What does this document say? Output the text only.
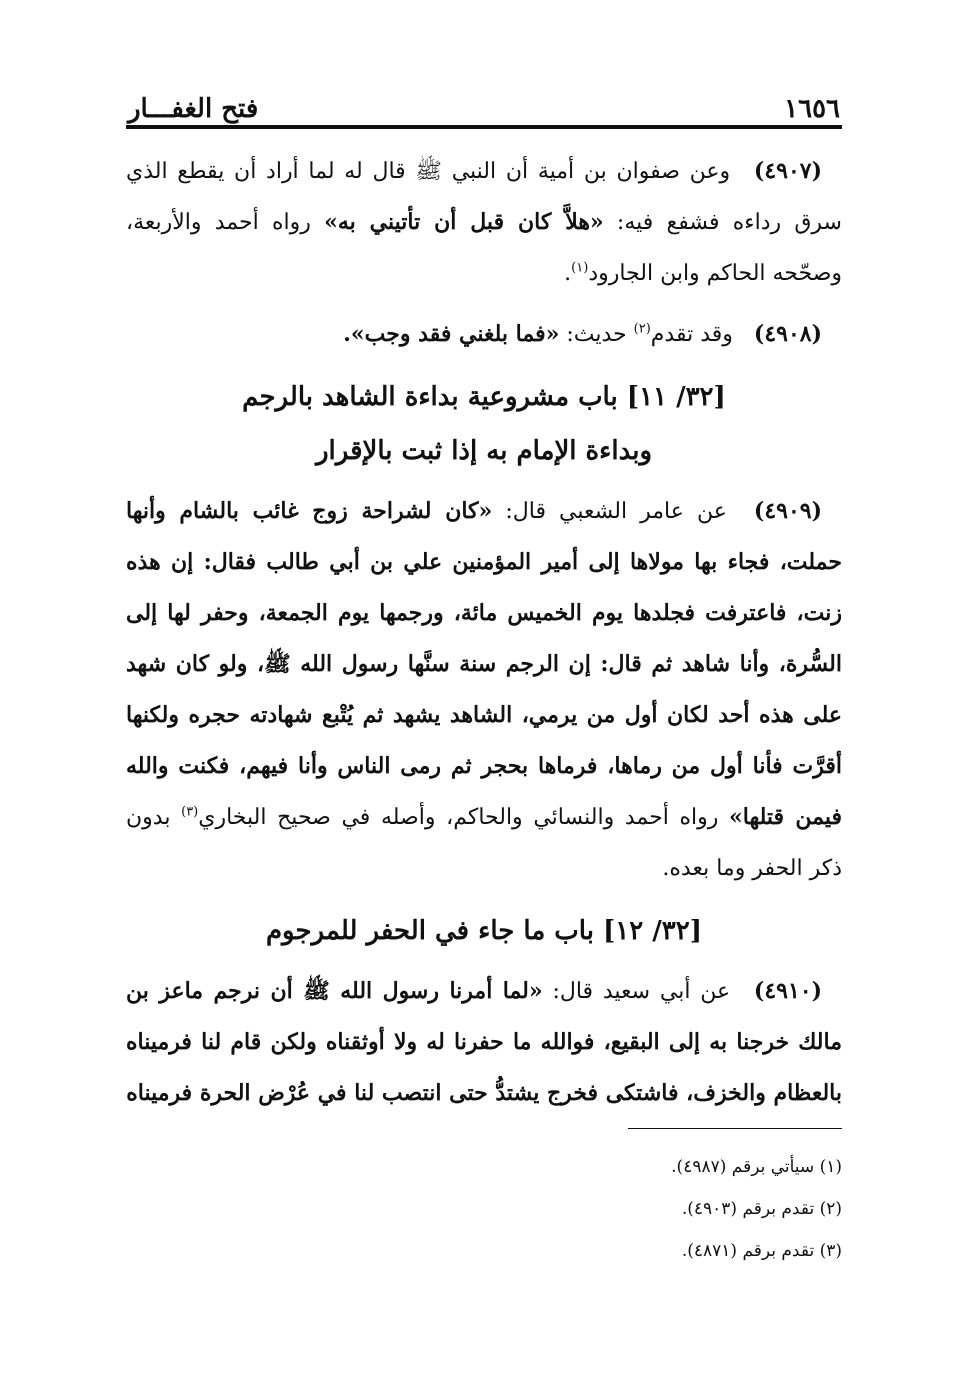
١٦٥٦
فتح الغفـــار

(٤٩٠٧) وعن صفوان بن أمية أن النبي ﷺ قال له لما أراد أن يقطع الذي سرق رداءه فشفع فيه: «هلاَّ كان قبل أن تأتيني به» رواه أحمد والأربعة، وصحّحه الحاكم وابن الجارود$^{(١)}$.

(٤٩٠٨) وقد تقدم$^{(٢)}$ حديث: «فما بلغني فقد وجب».

[٣٢/ ١١] باب مشروعية بداءة الشاهد بالرجم
وبداءة الإمام به إذا ثبت بالإقرار

(٤٩٠٩) عن عامر الشعبي قال: «كان لشراحة زوج غائب بالشام وأنها حملت، فجاء بها مولاها إلى أمير المؤمنين علي بن أبي طالب فقال: إن هذه زنت، فاعترفت فجلدها يوم الخميس مائة، ورجمها يوم الجمعة، وحفر لها إلى السُّرة، وأنا شاهد ثم قال: إن الرجم سنة سنَّها رسول الله ﷺ، ولو كان شهد على هذه أحد لكان أول من يرمي، الشاهد يشهد ثم يُتْبع شهادته حجره ولكنها أقرَّت فأنا أول من رماها، فرماها بحجر ثم رمى الناس وأنا فيهم، فكنت والله فيمن قتلها» رواه أحمد والنسائي والحاكم، وأصله في صحيح البخاري$^{(٣)}$ بدون ذكر الحفر وما بعده.

[٣٢/ ١٢] باب ما جاء في الحفر للمرجوم

(٤٩١٠) عن أبي سعيد قال: «لما أمرنا رسول الله ﷺ أن نرجم ماعز بن مالك خرجنا به إلى البقيع، فوالله ما حفرنا له ولا أوثقناه ولكن قام لنا فرميناه بالعظام والخزف، فاشتكى فخرج يشتدُّ حتى انتصب لنا في عُرْض الحرة فرميناه

(١) سيأتي برقم (٤٩٨٧).

(٢) تقدم برقم (٤٩٠٣).

(٣) تقدم برقم (٤٨٧١).
